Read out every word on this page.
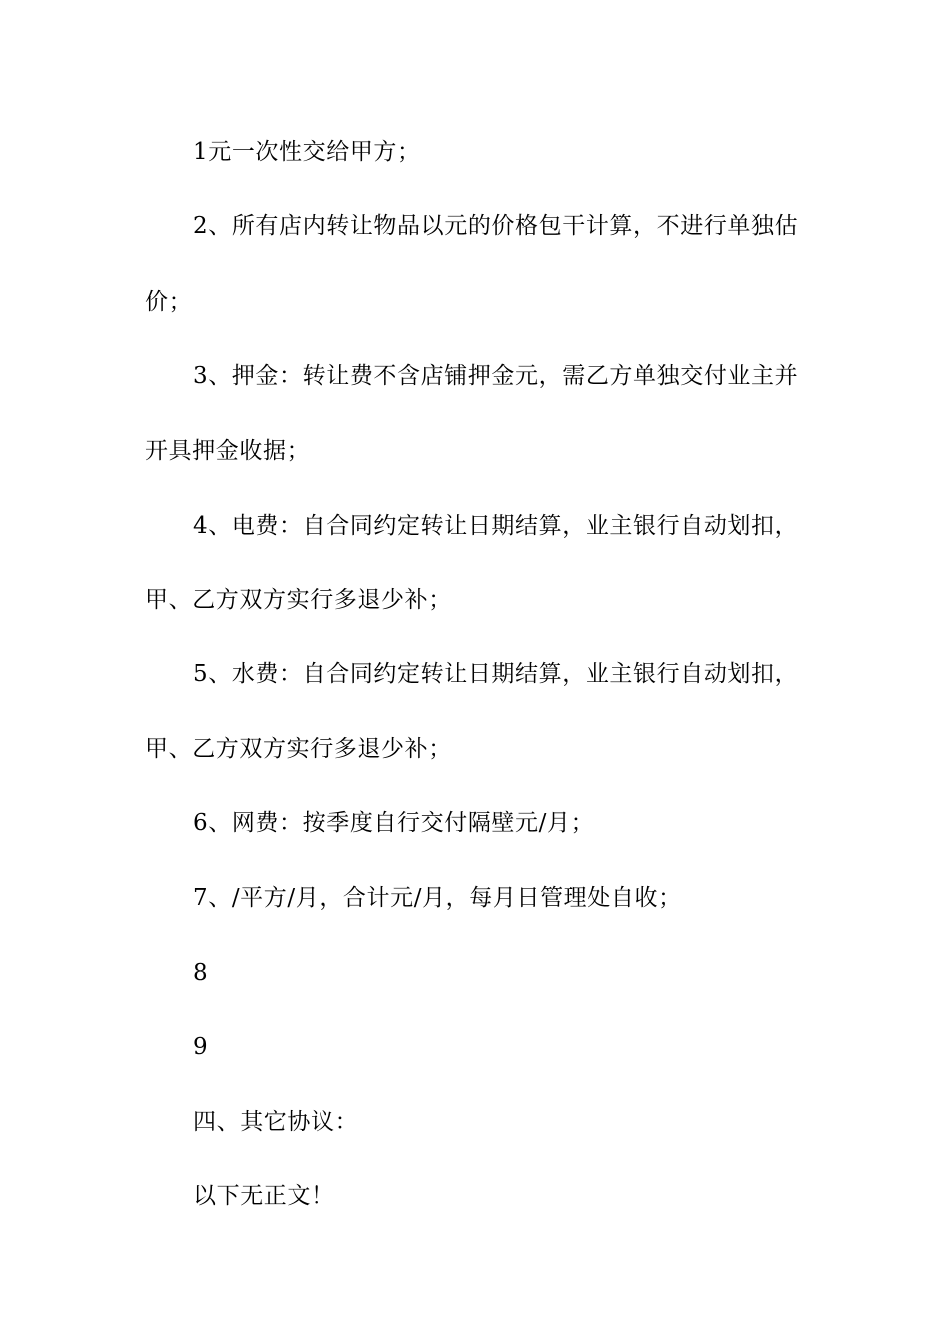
1元一次性交给甲方；
2、所有店内转让物品以元的价格包干计算，不进行单独估
价；
3、押金：转让费不含店铺押金元，需乙方单独交付业主并
开具押金收据；
4、电费：自合同约定转让日期结算，业主银行自动划扣，
甲、乙方双方实行多退少补；
5、水费：自合同约定转让日期结算，业主银行自动划扣，
甲、乙方双方实行多退少补；
6、网费：按季度自行交付隔壁元/月；
7、/平方/月，合计元/月，每月日管理处自收；
8
9
四、其它协议：
以下无正文！
